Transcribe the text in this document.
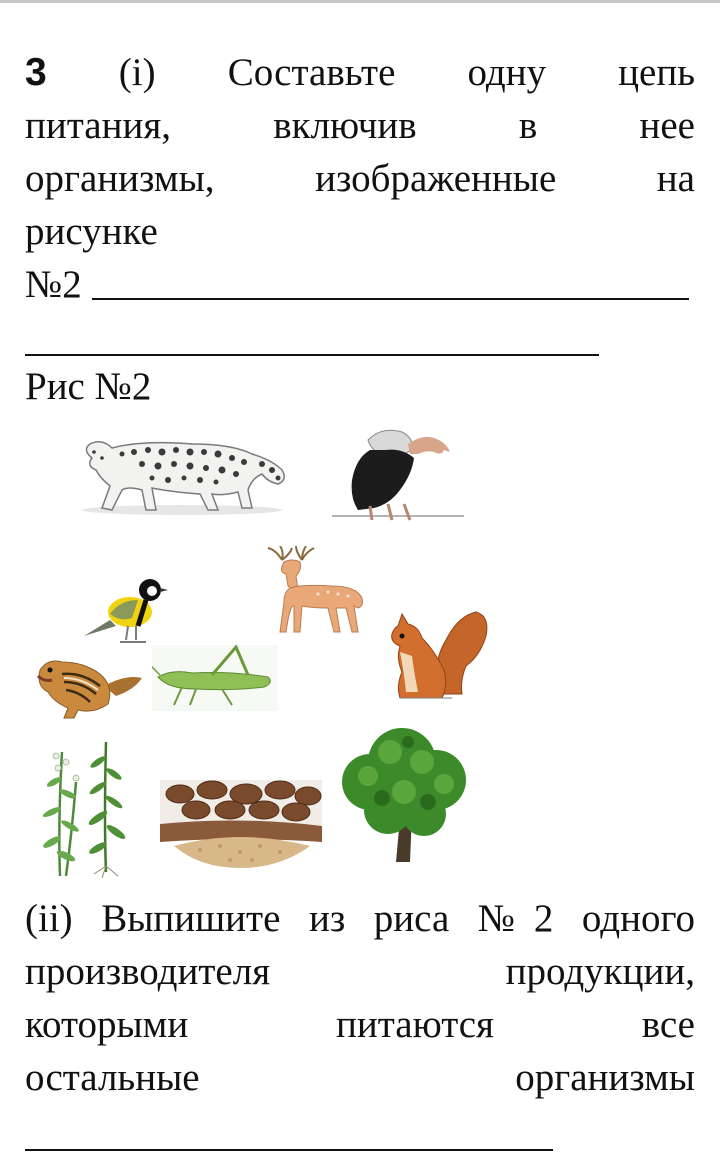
3 (i) Составьте одну цепь
питания, включив в нее
организмы, изображенные на
рисунке
№2
Рис №2
(ii) Выпишите из риса №2 одного
производителя продукции,
которыми питаются все
остальные организмы
